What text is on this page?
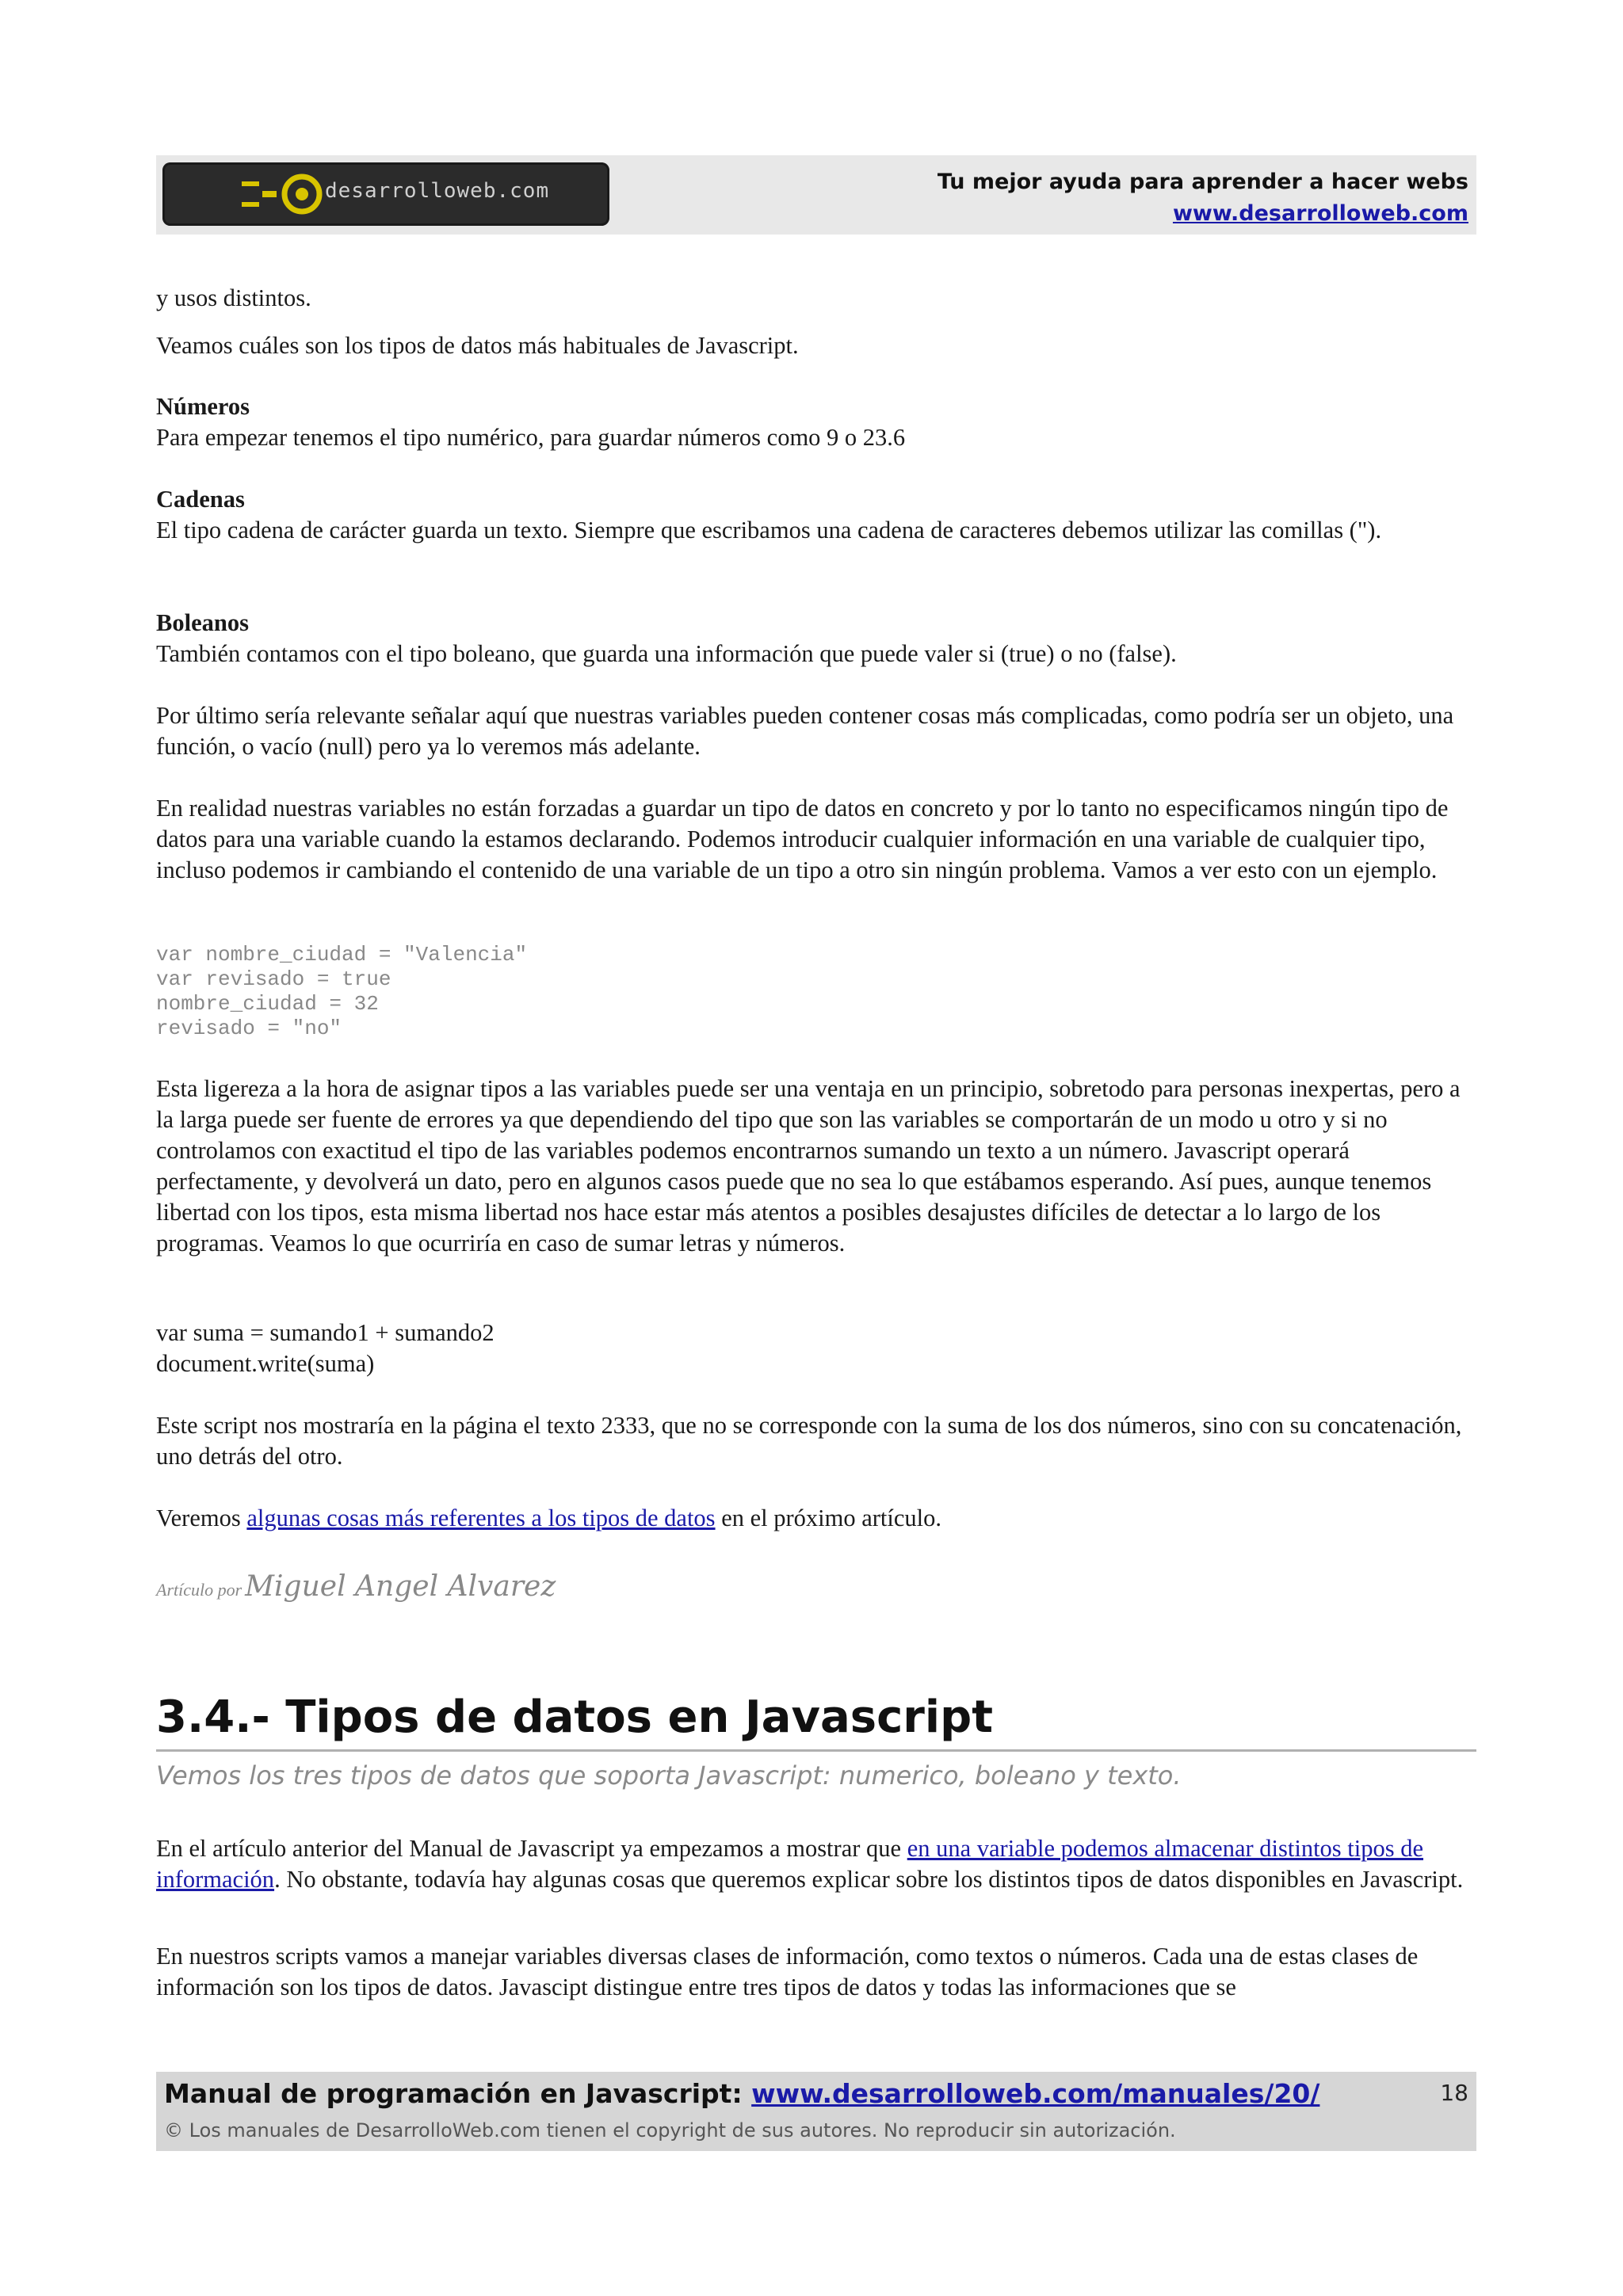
desarrolloweb.com	Tu mejor ayuda para aprender a hacer webs
www.desarrolloweb.com

y usos distintos.

Veamos cuáles son los tipos de datos más habituales de Javascript.

Números
Para empezar tenemos el tipo numérico, para guardar números como 9 o 23.6
Cadenas
El tipo cadena de carácter guarda un texto. Siempre que escribamos una cadena de caracteres debemos utilizar las comillas (").
Boleanos
También contamos con el tipo boleano, que guarda una información que puede valer si (true) o no (false).

Por último sería relevante señalar aquí que nuestras variables pueden contener cosas más complicadas, como podría ser un objeto, una función, o vacío (null) pero ya lo veremos más adelante.

En realidad nuestras variables no están forzadas a guardar un tipo de datos en concreto y por lo tanto no especificamos ningún tipo de datos para una variable cuando la estamos declarando. Podemos introducir cualquier información en una variable de cualquier tipo, incluso podemos ir cambiando el contenido de una variable de un tipo a otro sin ningún problema. Vamos a ver esto con un ejemplo.

var nombre_ciudad = "Valencia"
var revisado = true
nombre_ciudad = 32
revisado = "no"

Esta ligereza a la hora de asignar tipos a las variables puede ser una ventaja en un principio, sobretodo para personas inexpertas, pero a la larga puede ser fuente de errores ya que dependiendo del tipo que son las variables se comportarán de un modo u otro y si no controlamos con exactitud el tipo de las variables podemos encontrarnos sumando un texto a un número. Javascript operará perfectamente, y devolverá un dato, pero en algunos casos puede que no sea lo que estábamos esperando. Así pues, aunque tenemos libertad con los tipos, esta misma libertad nos hace estar más atentos a posibles desajustes difíciles de detectar a lo largo de los programas. Veamos lo que ocurriría en caso de sumar letras y números.

var suma = sumando1 + sumando2
document.write(suma)

Este script nos mostraría en la página el texto 2333, que no se corresponde con la suma de los dos números, sino con su concatenación, uno detrás del otro.

Veremos algunas cosas más referentes a los tipos de datos en el próximo artículo.

Artículo por Miguel Angel Alvarez
3.4.- Tipos de datos en Javascript
Vemos los tres tipos de datos que soporta Javascript: numerico, boleano y texto.

En el artículo anterior del Manual de Javascript ya empezamos a mostrar que en una variable podemos almacenar distintos tipos de información. No obstante, todavía hay algunas cosas que queremos explicar sobre los distintos tipos de datos disponibles en Javascript.

En nuestros scripts vamos a manejar variables diversas clases de información, como textos o números. Cada una de estas clases de información son los tipos de datos. Javascipt distingue entre tres tipos de datos y todas las informaciones que se

Manual de programación en Javascript: www.desarrolloweb.com/manuales/20/
© Los manuales de DesarrolloWeb.com tienen el copyright de sus autores. No reproducir sin autorización.
18
